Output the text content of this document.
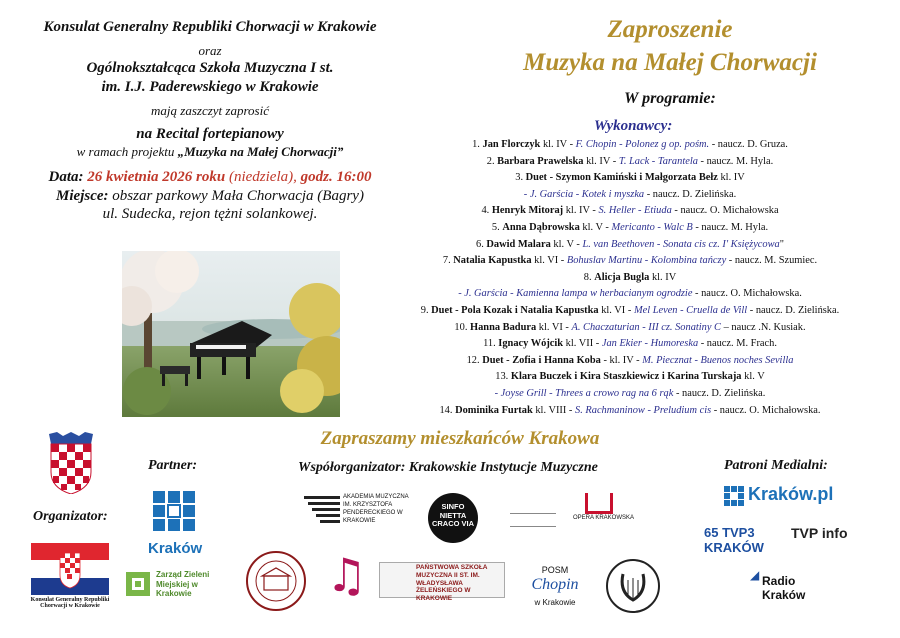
Konsulat Generalny Republiki Chorwacji w Krakowie
oraz
Ogólnokształcąca Szkoła Muzyczna I st.
im. I.J. Paderewskiego w Krakowie
mają zaszczyt zaprosić
na Recital fortepianowy
w ramach projektu „Muzyka na Małej Chorwacji”
Data: 26 kwietnia 2026 roku (niedziela), godz. 16:00
Miejsce: obszar parkowy Mała Chorwacja (Bagry)
ul. Sudecka, rejon tężni solankowej.
Zaproszenie
Muzyka na Małej Chorwacji
W programie:
Wykonawcy:
1. Jan Florczyk kl. IV - F. Chopin - Polonez g op. pośm. - naucz. D. Gruza.
2. Barbara Prawelska kl. IV - T. Lack - Tarantela - naucz. M. Hyla.
3. Duet - Szymon Kamiński i Małgorzata Bełz kl. IV
- J. Garścia - Kotek i myszka - naucz. D. Zielińska.
4. Henryk Mitoraj kl. IV - S. Heller - Etiuda - naucz. O. Michałowska
5. Anna Dąbrowska kl. V - Mericanto - Walc B - naucz. M. Hyla.
6. Dawid Malara kl. V - L. van Beethoven - Sonata cis cz. I' Księżycowa"
7. Natalia Kapustka kl. VI - Bohuslav Martinu - Kolombina tańczy - naucz. M. Szumiec.
8. Alicja Bugla kl. IV
- J. Garścia - Kamienna lampa w herbacianym ogrodzie - naucz. O. Michałowska.
9. Duet - Pola Kozak i Natalia Kapustka kl. VI - Mel Leven - Cruella de Vill - naucz. D. Zielińska.
10. Hanna Badura kl. VI - A. Chaczaturian - III cz. Sonatiny C – naucz .N. Kusiak.
11. Ignacy Wójcik kl. VII - Jan Ekier - Humoreska - naucz. M. Frach.
12. Duet - Zofia i Hanna Koba - kl. IV - M. Piecznat - Buenos noches Sevilla
13. Klara Buczek i Kira Staszkiewicz i Karina Turskaja kl. V
- Joyse Grill - Threes a crowo rag na 6 rąk - naucz. D. Zielińska.
14. Dominika Furtak kl. VIII - S. Rachmaninow - Preludium cis - naucz. O. Michałowska.
Zapraszamy mieszkańców Krakowa
Partner:	Współorganizator: Krakowskie Instytucje Muzyczne	Patroni Medialni:
Organizator:
Konsulat Generalny Republiki Chorwacji w Krakowie
Kraków
Zarząd Zieleni Miejskiej w Krakowie
AKADEMIA MUZYCZNA IM. KRZYSZTOFA PENDERECKIEGO W KRAKOWIE
SINFO NIETTA CRACO VIA
OPERA KRAKOWSKA
♫	PAŃSTWOWA SZKOŁA MUZYCZNA II ST. IM. WŁADYSŁAWA ŻELEŃSKIEGO W KRAKOWIE
POSM
Chopin
w Krakowie
Kraków.pl
65 TVP3 KRAKÓW
TVP info
◢ Radio Kraków
